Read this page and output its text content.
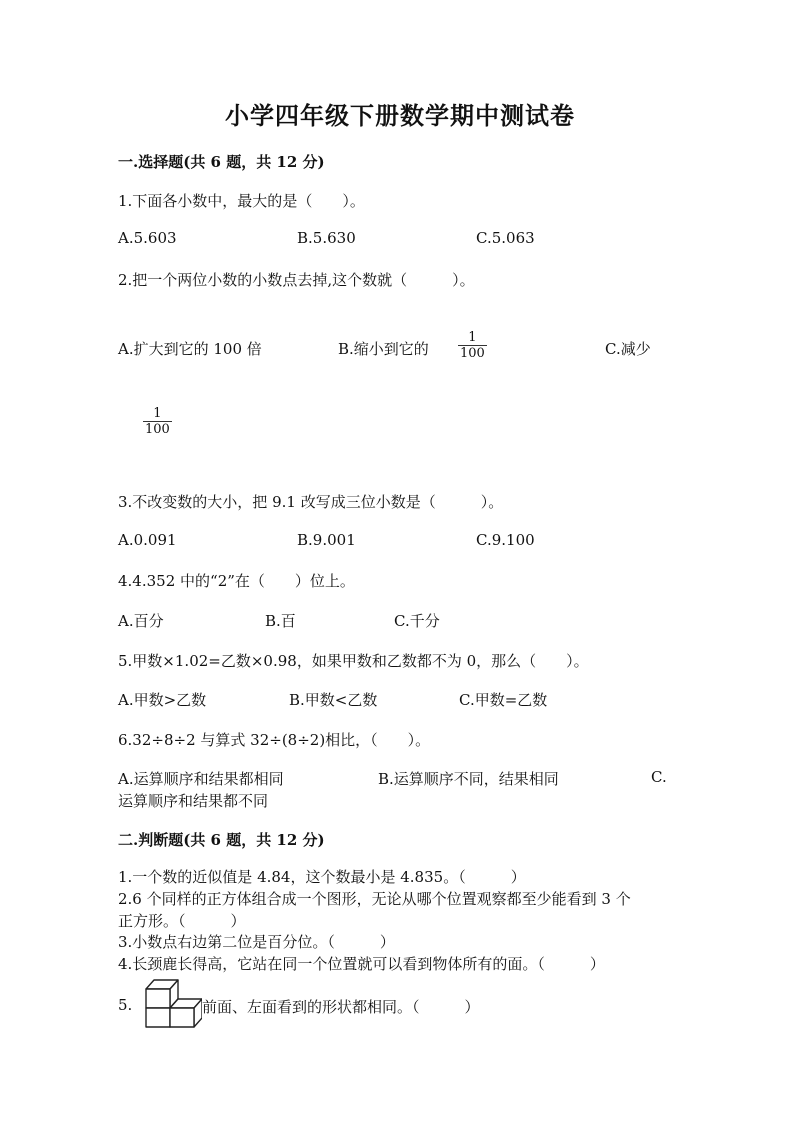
小学四年级下册数学期中测试卷
一.选择题(共 6 题，共 12 分)
1.下面各小数中，最大的是（　　）。
A.5.603	B.5.630	C.5.063
2.把一个两位小数的小数点去掉,这个数就（　　　）。
A.扩大到它的 100 倍	B.缩小到它的 $\frac{1}{100}$	C.减少
$\frac{1}{100}$
3.不改变数的大小，把 9.1 改写成三位小数是（　　　）。
A.0.091	B.9.001	C.9.100
4.4.352 中的“2”在（　　）位上。
A.百分	B.百	C.千分
5.甲数×1.02=乙数×0.98，如果甲数和乙数都不为 0，那么（　　）。
A.甲数>乙数	B.甲数<乙数	C.甲数=乙数
6.32÷8÷2 与算式 32÷(8÷2)相比，（　　）。
A.运算顺序和结果都相同	B.运算顺序不同，结果相同	C.
运算顺序和结果都不同
二.判断题(共 6 题，共 12 分)
1.一个数的近似值是 4.84，这个数最小是 4.835。（　　　）
2.6 个同样的正方体组合成一个图形，无论从哪个位置观察都至少能看到 3 个
正方形。（　　　）
3.小数点右边第二位是百分位。（　　　）
4.长颈鹿长得高，它站在同一个位置就可以看到物体所有的面。（　　　）
5.	前面、左面看到的形状都相同。（　　　）
